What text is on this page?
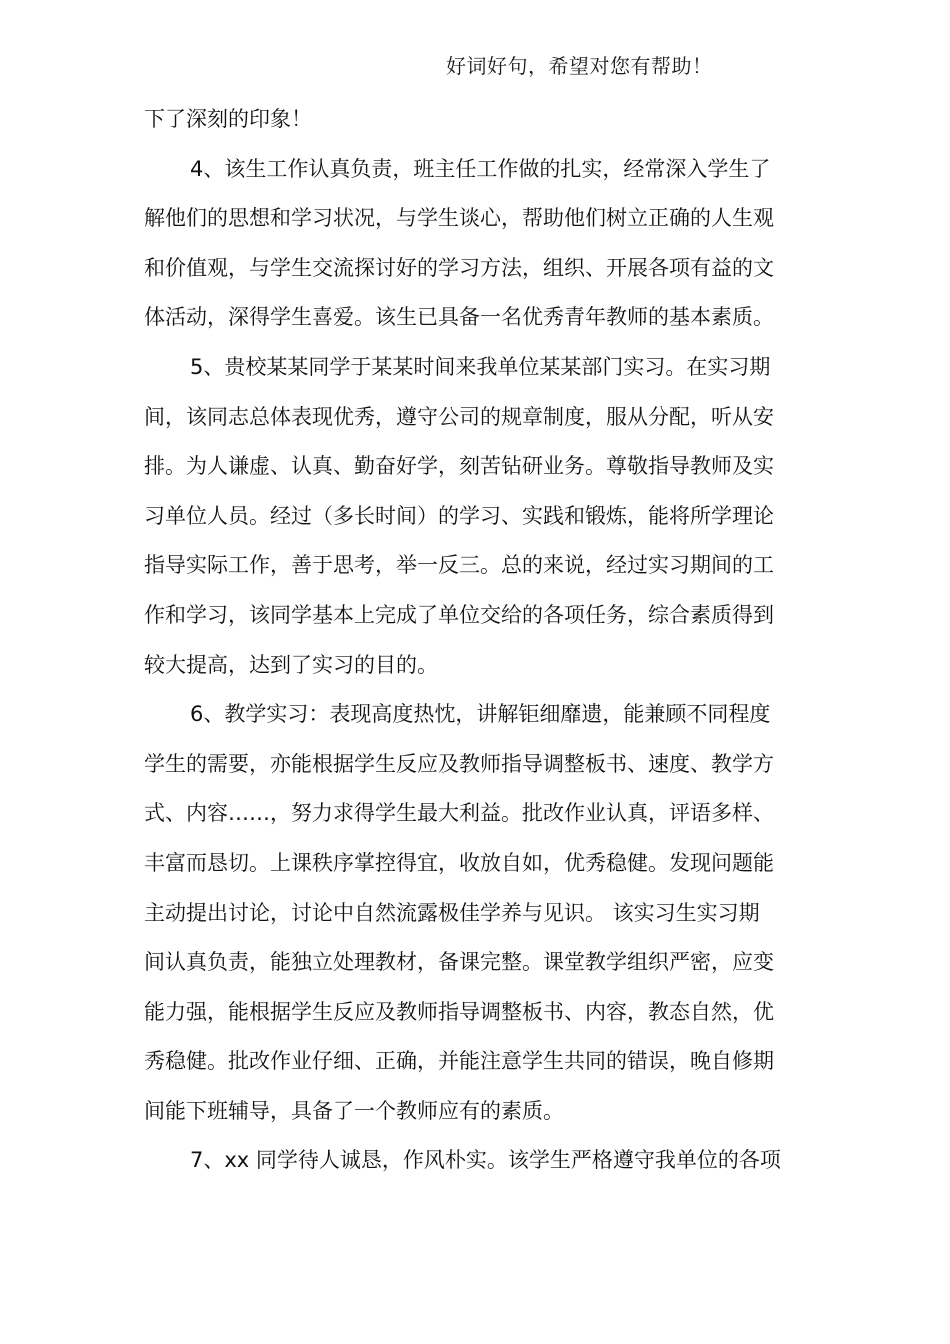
好词好句，希望对您有帮助！
下了深刻的印象！
4、该生工作认真负责，班主任工作做的扎实，经常深入学生了
解他们的思想和学习状况，与学生谈心，帮助他们树立正确的人生观
和价值观，与学生交流探讨好的学习方法，组织、开展各项有益的文
体活动，深得学生喜爱。该生已具备一名优秀青年教师的基本素质。
5、贵校某某同学于某某时间来我单位某某部门实习。在实习期
间，该同志总体表现优秀，遵守公司的规章制度，服从分配，听从安
排。为人谦虚、认真、勤奋好学，刻苦钻研业务。尊敬指导教师及实
习单位人员。经过（多长时间）的学习、实践和锻炼，能将所学理论
指导实际工作，善于思考，举一反三。总的来说，经过实习期间的工
作和学习，该同学基本上完成了单位交给的各项任务，综合素质得到
较大提高，达到了实习的目的。
6、教学实习：表现高度热忱，讲解钜细靡遗，能兼顾不同程度
学生的需要，亦能根据学生反应及教师指导调整板书、速度、教学方
式、内容……，努力求得学生最大利益。批改作业认真，评语多样、
丰富而恳切。上课秩序掌控得宜，收放自如，优秀稳健。发现问题能
主动提出讨论，讨论中自然流露极佳学养与见识。 该实习生实习期
间认真负责，能独立处理教材，备课完整。课堂教学组织严密，应变
能力强，能根据学生反应及教师指导调整板书、内容，教态自然，优
秀稳健。批改作业仔细、正确，并能注意学生共同的错误，晚自修期
间能下班辅导，具备了一个教师应有的素质。
7、xx 同学待人诚恳，作风朴实。该学生严格遵守我单位的各项
